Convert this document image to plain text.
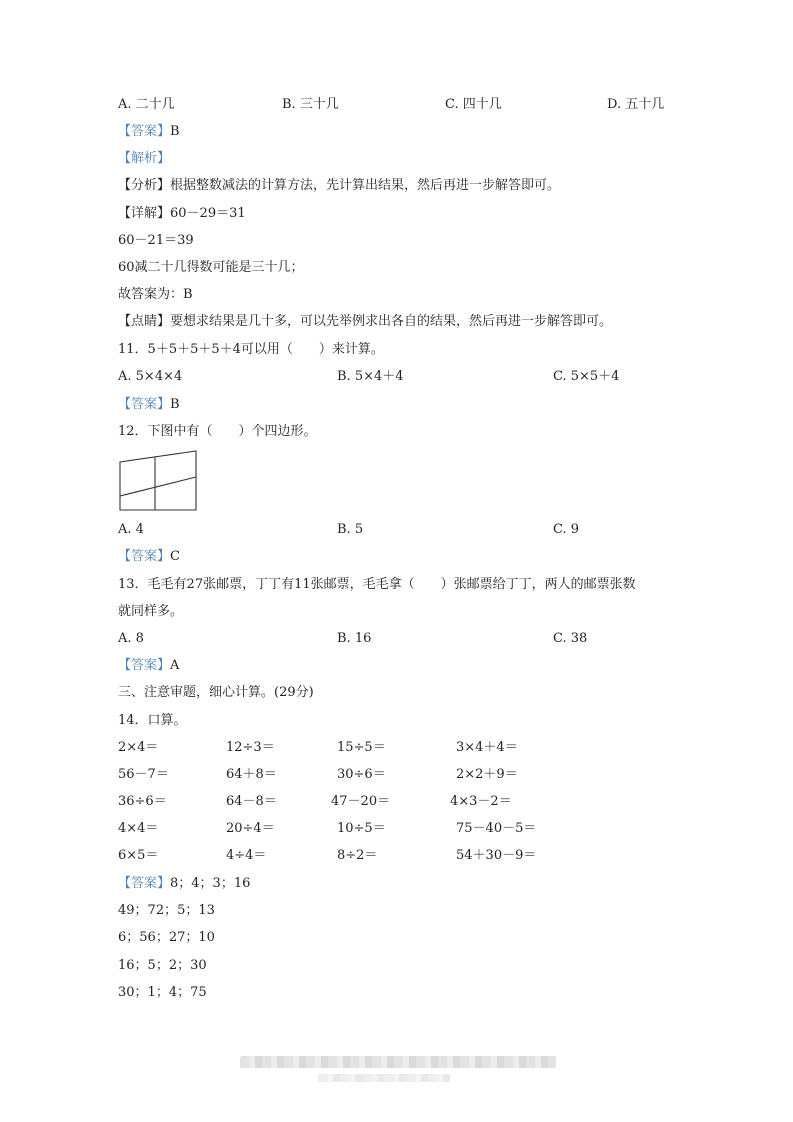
A. 二十几	B. 三十几	C. 四十几	D. 五十几
【答案】B
【解析】
【分析】根据整数减法的计算方法，先计算出结果，然后再进一步解答即可。
【详解】60－29＝31
60－21＝39
60减二十几得数可能是三十几；
故答案为：B
【点睛】要想求结果是几十多，可以先举例求出各自的结果，然后再进一步解答即可。
11．5＋5＋5＋5＋4可以用（　　）来计算。
A. 5×4×4	B. 5×4＋4	C. 5×5＋4
【答案】B
12．下图中有（　　）个四边形。
A. 4	B. 5	C. 9
【答案】C
13．毛毛有27张邮票，丁丁有11张邮票，毛毛拿（　　）张邮票给丁丁，两人的邮票张数
就同样多。
A. 8	B. 16	C. 38
【答案】A
三、注意审题，细心计算。(29分)
14．口算。
2×4＝	12÷3＝	15÷5＝	3×4＋4＝
56－7＝	64＋8＝	30÷6＝	2×2＋9＝
36÷6＝	64－8＝	47－20＝	4×3－2＝
4×4＝	20÷4＝	10÷5＝	75－40－5＝
6×5＝	4÷4＝	8÷2＝	54＋30－9＝
【答案】8；4；3；16
49；72；5；13
6；56；27；10
16；5；2；30
30；1；4；75
